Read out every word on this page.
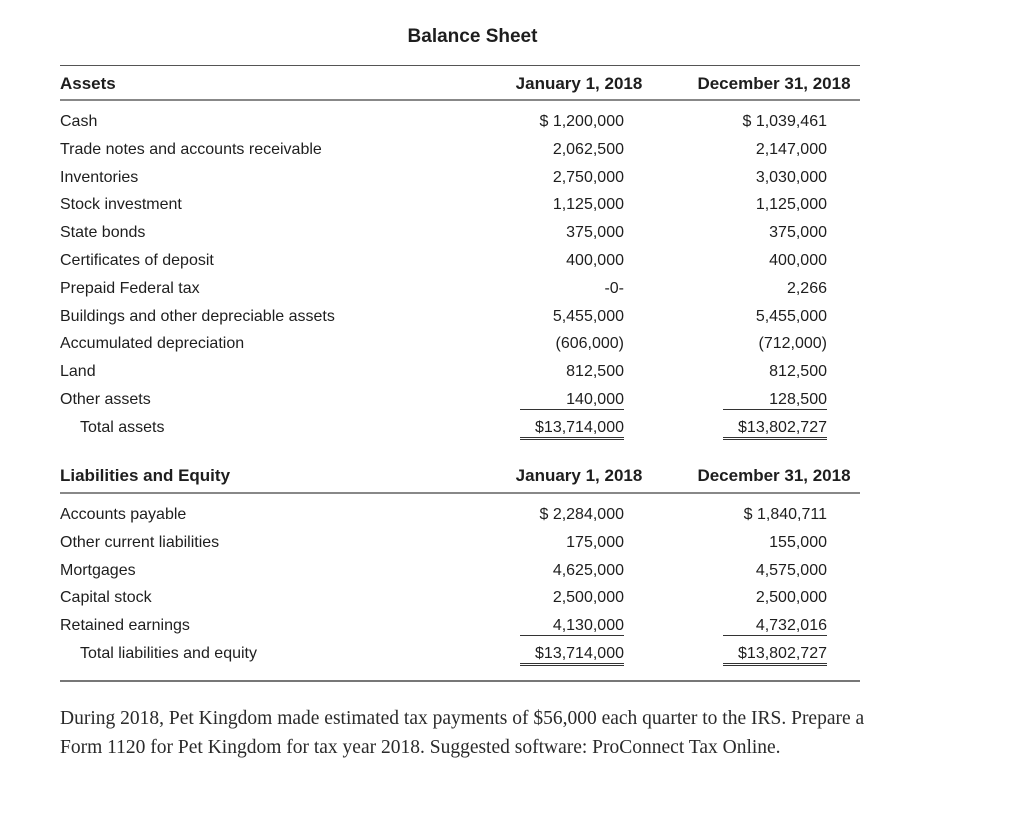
Balance Sheet
Assets	January 1, 2018	December 31, 2018
Cash	$ 1,200,000	$ 1,039,461
Trade notes and accounts receivable	2,062,500	2,147,000
Inventories	2,750,000	3,030,000
Stock investment	1,125,000	1,125,000
State bonds	375,000	375,000
Certificates of deposit	400,000	400,000
Prepaid Federal tax	-0-	2,266
Buildings and other depreciable assets	5,455,000	5,455,000
Accumulated depreciation	(606,000)	(712,000)
Land	812,500	812,500
Other assets	140,000	128,500
Total assets	$13,714,000	$13,802,727
Liabilities and Equity	January 1, 2018	December 31, 2018
Accounts payable	$ 2,284,000	$ 1,840,711
Other current liabilities	175,000	155,000
Mortgages	4,625,000	4,575,000
Capital stock	2,500,000	2,500,000
Retained earnings	4,130,000	4,732,016
Total liabilities and equity	$13,714,000	$13,802,727
During 2018, Pet Kingdom made estimated tax payments of $56,000 each quarter to the IRS. Prepare a Form 1120 for Pet Kingdom for tax year 2018. Suggested software: ProConnect Tax Online.
